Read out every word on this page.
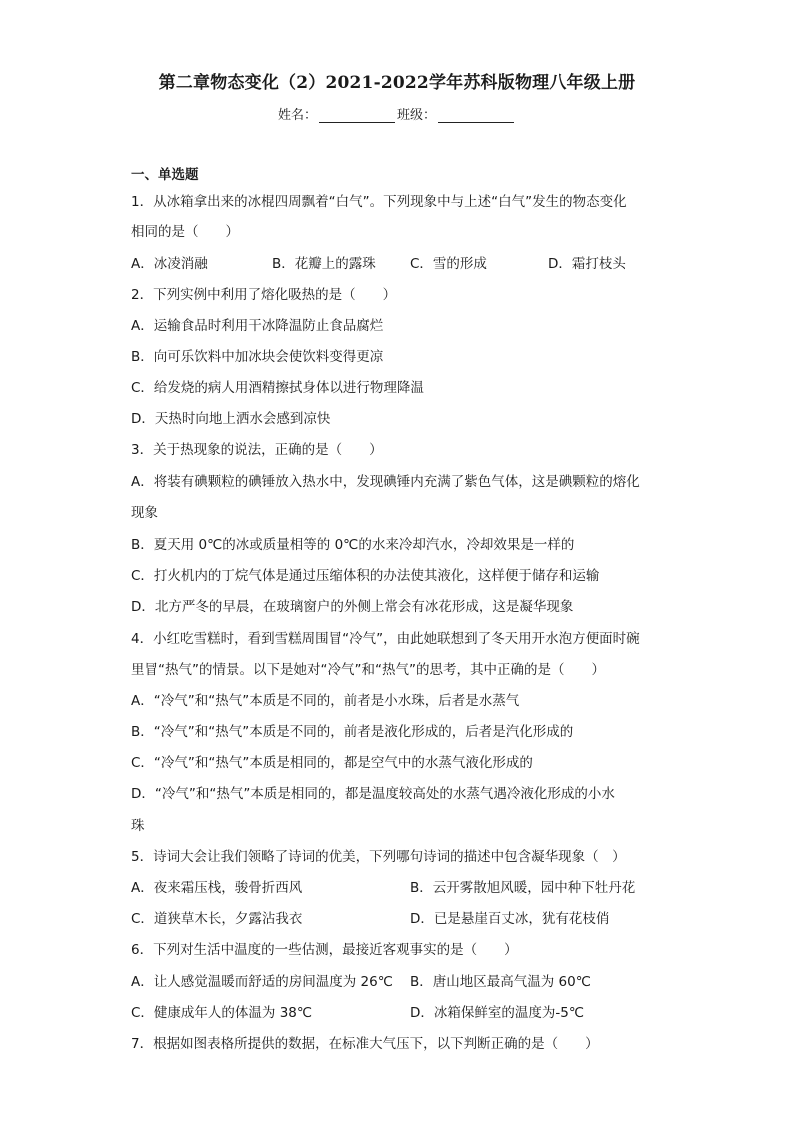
第二章物态变化（2）2021-2022学年苏科版物理八年级上册
姓名：	班级：
一、单选题
1．从冰箱拿出来的冰棍四周飘着“白气”。下列现象中与上述“白气”发生的物态变化
相同的是（　　）
A．冰凌消融	B．花瓣上的露珠	C．雪的形成	D．霜打枝头
2．下列实例中利用了熔化吸热的是（　　）
A．运输食品时利用干冰降温防止食品腐烂
B．向可乐饮料中加冰块会使饮料变得更凉
C．给发烧的病人用酒精擦拭身体以进行物理降温
D．天热时向地上洒水会感到凉快
3．关于热现象的说法，正确的是（　　）
A．将装有碘颗粒的碘锤放入热水中，发现碘锤内充满了紫色气体，这是碘颗粒的熔化
现象
B．夏天用 0℃的冰或质量相等的 0℃的水来冷却汽水，冷却效果是一样的
C．打火机内的丁烷气体是通过压缩体积的办法使其液化，这样便于储存和运输
D．北方严冬的早晨，在玻璃窗户的外侧上常会有冰花形成，这是凝华现象
4．小红吃雪糕时，看到雪糕周围冒“冷气”，由此她联想到了冬天用开水泡方便面时碗
里冒“热气”的情景。以下是她对“冷气”和“热气”的思考，其中正确的是（　　）
A．“冷气”和“热气”本质是不同的，前者是小水珠，后者是水蒸气
B．“冷气”和“热气”本质是不同的，前者是液化形成的，后者是汽化形成的
C．“冷气”和“热气”本质是相同的，都是空气中的水蒸气液化形成的
D．“冷气”和“热气”本质是相同的，都是温度较高处的水蒸气遇冷液化形成的小水
珠
5．诗词大会让我们领略了诗词的优美，下列哪句诗词的描述中包含凝华现象（　）
A．夜来霜压栈，骏骨折西风	B．云开雾散旭风暖，园中种下牡丹花
C．道狭草木长，夕露沾我衣	D．已是悬崖百丈冰，犹有花枝俏
6．下列对生活中温度的一些估测，最接近客观事实的是（　　）
A．让人感觉温暖而舒适的房间温度为 26℃ B．唐山地区最高气温为 60℃
C．健康成年人的体温为 38℃	D．冰箱保鲜室的温度为-5℃
7．根据如图表格所提供的数据，在标准大气压下，以下判断正确的是（　　）
